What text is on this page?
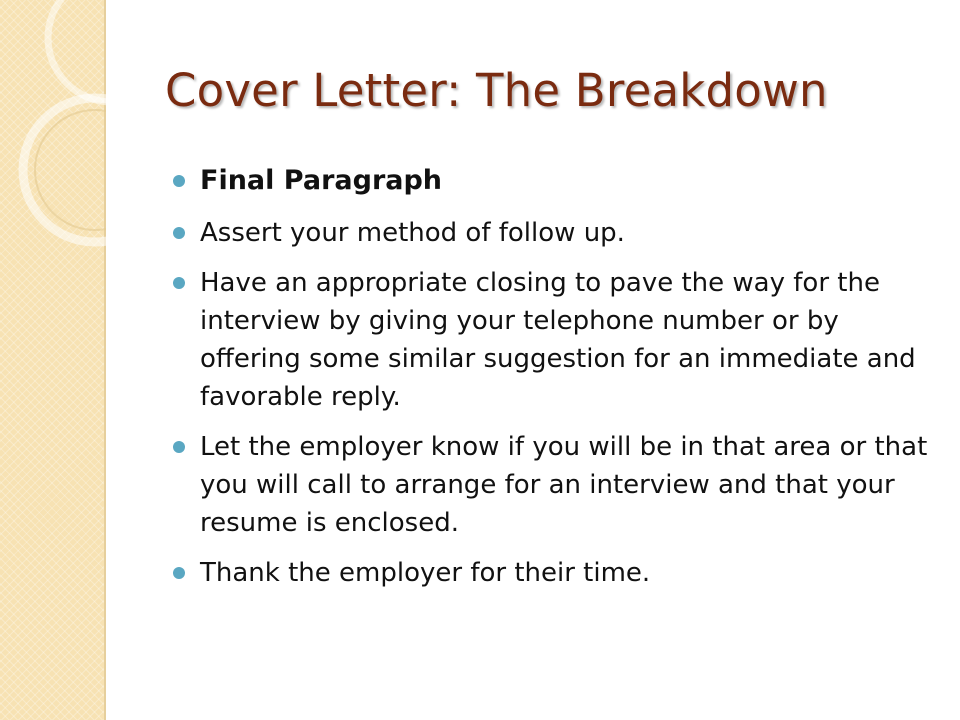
Cover Letter: The Breakdown
Final Paragraph
Assert your method of follow up.
Have an appropriate closing to pave the way for the interview by giving your telephone number or by offering some similar suggestion for an immediate and favorable reply.
Let the employer know if you will be in that area or that you will call to arrange for an interview and that your resume is enclosed.
Thank the employer for their time.
